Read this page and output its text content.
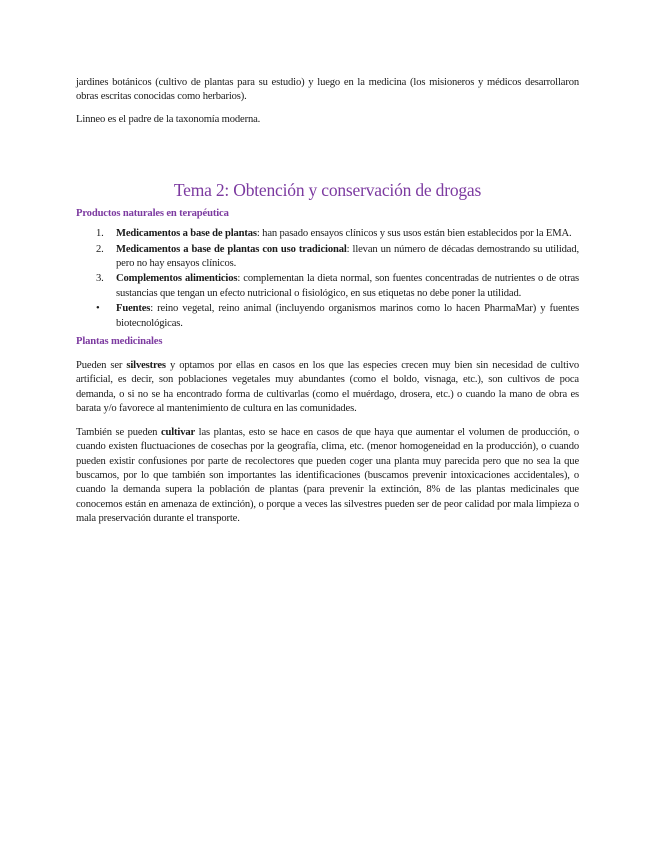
jardines botánicos (cultivo de plantas para su estudio) y luego en la medicina (los misioneros y médicos desarrollaron obras escritas conocidas como herbarios).

Linneo es el padre de la taxonomía moderna.

Tema 2: Obtención y conservación de drogas
Productos naturales en terapéutica
1.	Medicamentos a base de plantas: han pasado ensayos clínicos y sus usos están bien establecidos por la EMA.
2.	Medicamentos a base de plantas con uso tradicional: llevan un número de décadas demostrando su utilidad, pero no hay ensayos clínicos.
3.	Complementos alimenticios: complementan la dieta normal, son fuentes concentradas de nutrientes o de otras sustancias que tengan un efecto nutricional o fisiológico, en sus etiquetas no debe poner la utilidad.
•	Fuentes: reino vegetal, reino animal (incluyendo organismos marinos como lo hacen PharmaMar) y fuentes biotecnológicas.
Plantas medicinales

Pueden ser silvestres y optamos por ellas en casos en los que las especies crecen muy bien sin necesidad de cultivo artificial, es decir, son poblaciones vegetales muy abundantes (como el boldo, visnaga, etc.), son cultivos de poca demanda, o si no se ha encontrado forma de cultivarlas (como el muérdago, drosera, etc.) o cuando la mano de obra es barata y/o favorece al mantenimiento de cultura en las comunidades.

También se pueden cultivar las plantas, esto se hace en casos de que haya que aumentar el volumen de producción, o cuando existen fluctuaciones de cosechas por la geografía, clima, etc. (menor homogeneidad en la producción), o cuando pueden existir confusiones por parte de recolectores que pueden coger una planta muy parecida pero que no sea la que buscamos, por lo que también son importantes las identificaciones (buscamos prevenir intoxicaciones accidentales), o cuando la demanda supera la población de plantas (para prevenir la extinción, 8% de las plantas medicinales que conocemos están en amenaza de extinción), o porque a veces las silvestres pueden ser de peor calidad por mala limpieza o mala preservación durante el transporte.
